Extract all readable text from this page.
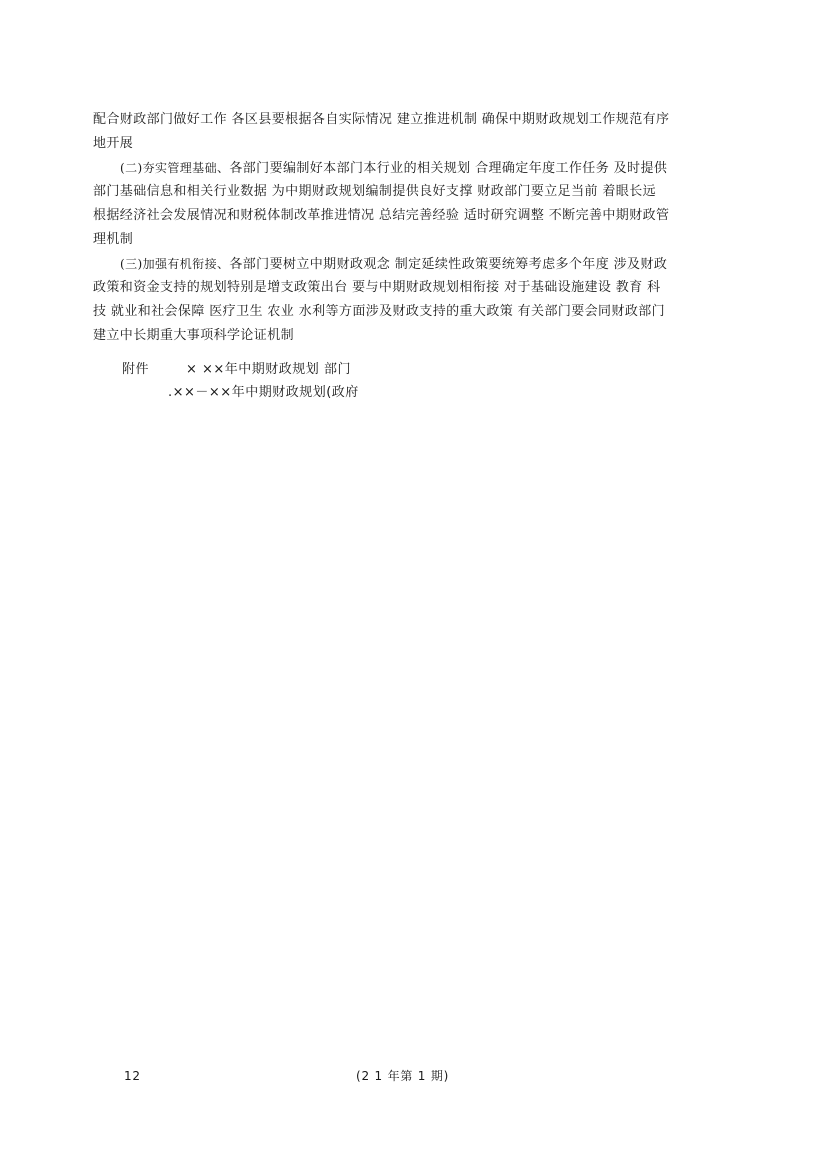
配合财政部门做好工作 各区县要根据各自实际情况 建立推进机制 确保中期财政规划工作规范有序
地开展
(二)夯实管理基础、各部门要编制好本部门本行业的相关规划 合理确定年度工作任务 及时提供
部门基础信息和相关行业数据 为中期财政规划编制提供良好支撑 财政部门要立足当前 着眼长远
根据经济社会发展情况和财税体制改革推进情况 总结完善经验 适时研究调整 不断完善中期财政管
理机制
(三)加强有机衔接、各部门要树立中期财政观念 制定延续性政策要统筹考虑多个年度 涉及财政
政策和资金支持的规划特别是增支政策出台 要与中期财政规划相衔接 对于基础设施建设 教育 科
技 就业和社会保障 医疗卫生 农业 水利等方面涉及财政支持的重大政策 有关部门要会同财政部门
建立中长期重大事项科学论证机制
附件	× ××年中期财政规划 部门
.××－××年中期财政规划(政府
12	(2 1 年第 1 期)
